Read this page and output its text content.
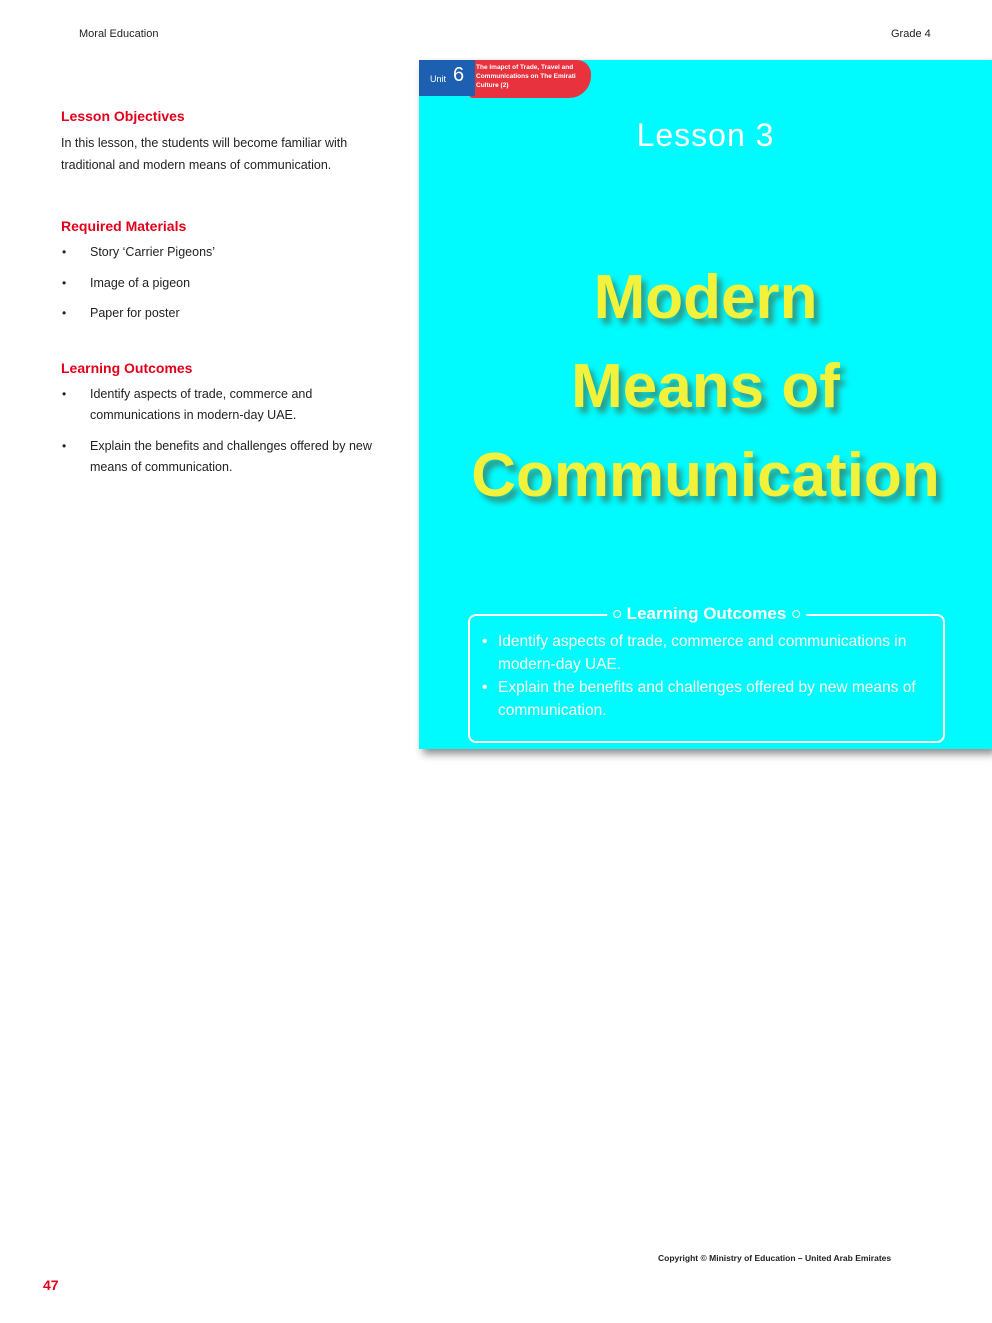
Moral Education	Grade 4
Lesson Objectives

In this lesson, the students will become familiar with traditional and modern means of communication.

Required Materials
• Story ‘Carrier Pigeons’
• Image of a pigeon
• Paper for poster
Learning Outcomes
• Identify aspects of trade, commerce and communications in modern-day UAE.
• Explain the benefits and challenges offered by new means of communication.
Unit 6 The Imapct of Trade, Travel and Communications on The Emirati Culture (2)
Lesson 3
Modern
Means of
Communication
Learning Outcomes
• Identify aspects of trade, commerce and communications in modern-day UAE.
• Explain the benefits and challenges offered by new means of communication.
Copyright © Ministry of Education – United Arab Emirates
47
